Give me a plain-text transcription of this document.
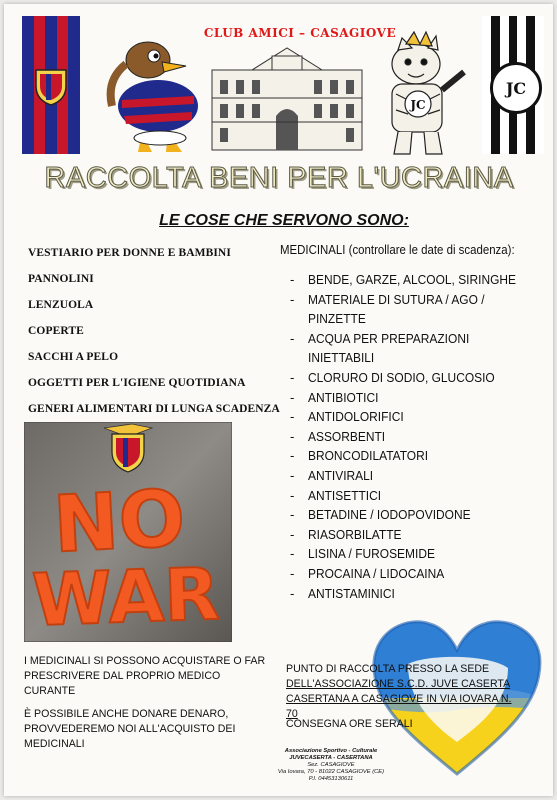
JC
JC
CLUB AMICI – CASAGIOVE
RACCOLTA BENI PER L'UCRAINA
LE COSE CHE SERVONO SONO:
VESTIARIO PER DONNE E BAMBINI
PANNOLINI
LENZUOLA
COPERTE
SACCHI A PELO
OGGETTI PER L'IGIENE QUOTIDIANA
GENERI ALIMENTARI DI LUNGA SCADENZA
MEDICINALI (controllare le date di scadenza):
-	BENDE, GARZE, ALCOOL, SIRINGHE
-	MATERIALE DI SUTURA / AGO /
PINZETTE
-	ACQUA PER PREPARAZIONI
INIETTABILI
-	CLORURO DI SODIO, GLUCOSIO
-	ANTIBIOTICI
-	ANTIDOLORIFICI
-	ASSORBENTI
-	BRONCODILATATORI
-	ANTIVIRALI
-	ANTISETTICI
-	BETADINE / IODOPOVIDONE
-	RIASORBILATTE
-	LISINA / FUROSEMIDE
-	PROCAINA / LIDOCAINA
-	ANTISTAMINICI
NO
WAR
I MEDICINALI SI POSSONO ACQUISTARE O FAR PRESCRIVERE DAL PROPRIO MEDICO CURANTE
È POSSIBILE ANCHE DONARE DENARO, PROVVEDEREMO NOI ALL'ACQUISTO DEI MEDICINALI

PUNTO DI RACCOLTA PRESSO LA SEDE

DELL'ASSOCIAZIONE S.C.D. JUVE CASERTA

CASERTANA A CASAGIOVE IN VIA IOVARA N. 70

CONSEGNA ORE SERALI
Associazione Sportivo - Culturale
JUVECASERTA - CASERTANA
Sez. CASAGIOVE
Via Iovara, 70 - 81022 CASAGIOVE (CE)
P.I. 04453130611
